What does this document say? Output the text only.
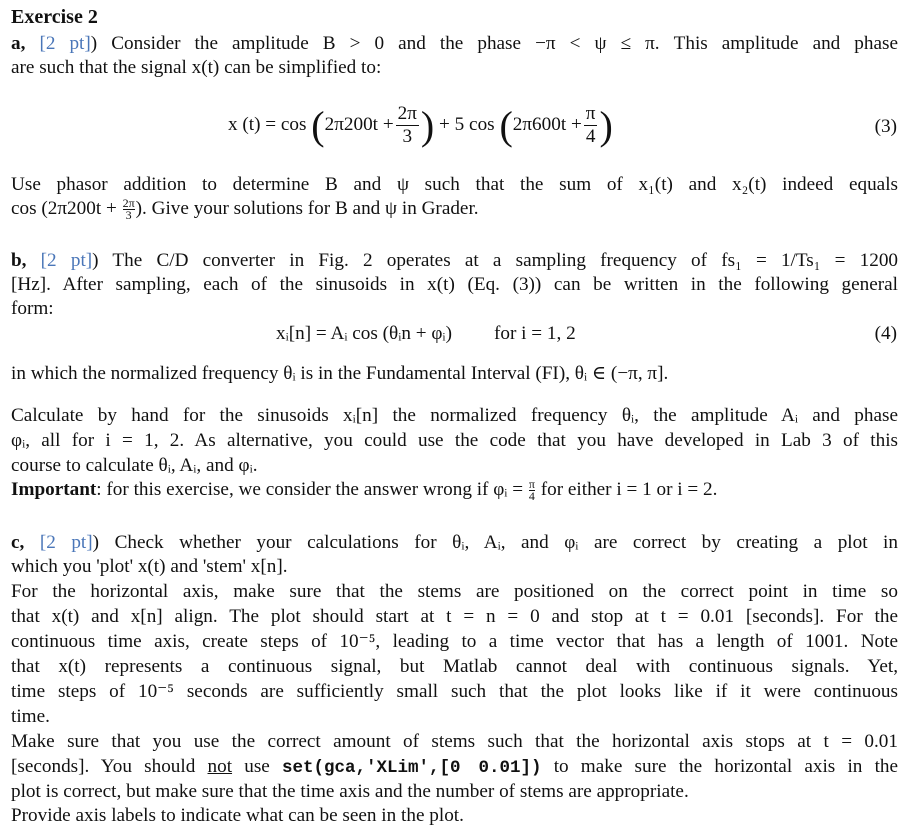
Exercise 2
a, [2 pt]) Consider the amplitude B > 0 and the phase −π < ψ ≤ π. This amplitude and phase
are such that the signal x(t) can be simplified to:
x $(t) = \cos (2\pi 200t + \frac{2\pi}{3}$ ) + 5 $\cos (2\pi 600t + \frac{\pi}{4}$ )	(3)
Use phasor addition to determine B and ψ such that the sum of x₁(t) and x₂(t) indeed equals
$\cos (2\pi 200t + \frac{2\pi}{3})$. Give your solutions for B and ψ in Grader.
b, [2 pt]) The C/D converter in Fig. 2 operates at a sampling frequency of fs₁ = 1/Ts₁ = 1200
[Hz]. After sampling, each of the sinusoids in x(t) (Eq. (3)) can be written in the following general
form:
xᵢ[n] = Aᵢ cos (θᵢn + φᵢ) for i = 1, 2	(4)
in which the normalized frequency θᵢ is in the Fundamental Interval (FI), θᵢ ∈ (−π, π].
Calculate by hand for the sinusoids xᵢ[n] the normalized frequency θᵢ, the amplitude Aᵢ and phase
φᵢ, all for i = 1, 2. As alternative, you could use the code that you have developed in Lab 3 of this
course to calculate θᵢ, Aᵢ, and φᵢ.
Important: for this exercise, we consider the answer wrong if φᵢ = $\frac{\pi}{4}$ for either i = 1 or i = 2.
c, [2 pt]) Check whether your calculations for θᵢ, Aᵢ, and φᵢ are correct by creating a plot in
which you 'plot' x(t) and 'stem' x[n].
For the horizontal axis, make sure that the stems are positioned on the correct point in time so
that x(t) and x[n] align. The plot should start at t = n = 0 and stop at t = 0.01 [seconds]. For the
continuous time axis, create steps of 10⁻⁵, leading to a time vector that has a length of 1001. Note
that x(t) represents a continuous signal, but Matlab cannot deal with continuous signals. Yet,
time steps of 10⁻⁵ seconds are sufficiently small such that the plot looks like if it were continuous
time.
Make sure that you use the correct amount of stems such that the horizontal axis stops at t = 0.01
[seconds]. You should not use set(gca,'XLim',[0 0.01]) to make sure the horizontal axis in the
plot is correct, but make sure that the time axis and the number of stems are appropriate.
Provide axis labels to indicate what can be seen in the plot.
